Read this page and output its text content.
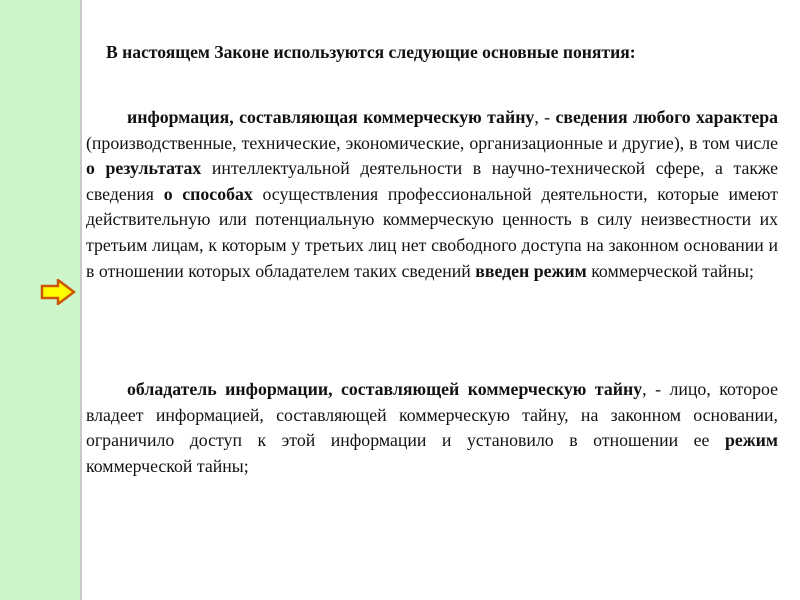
В настоящем Законе используются следующие основные понятия:
информация, составляющая коммерческую тайну, - сведения любого характера (производственные, технические, экономические, организационные и другие), в том числе о результатах интеллектуальной деятельности в научно-технической сфере, а также сведения о способах осуществления профессиональной деятельности, которые имеют действительную или потенциальную коммерческую ценность в силу неизвестности их третьим лицам, к которым у третьих лиц нет свободного доступа на законном основании и в отношении которых обладателем таких сведений введен режим коммерческой тайны;
обладатель информации, составляющей коммерческую тайну, - лицо, которое владеет информацией, составляющей коммерческую тайну, на законном основании, ограничило доступ к этой информации и установило в отношении ее режим коммерческой тайны;
